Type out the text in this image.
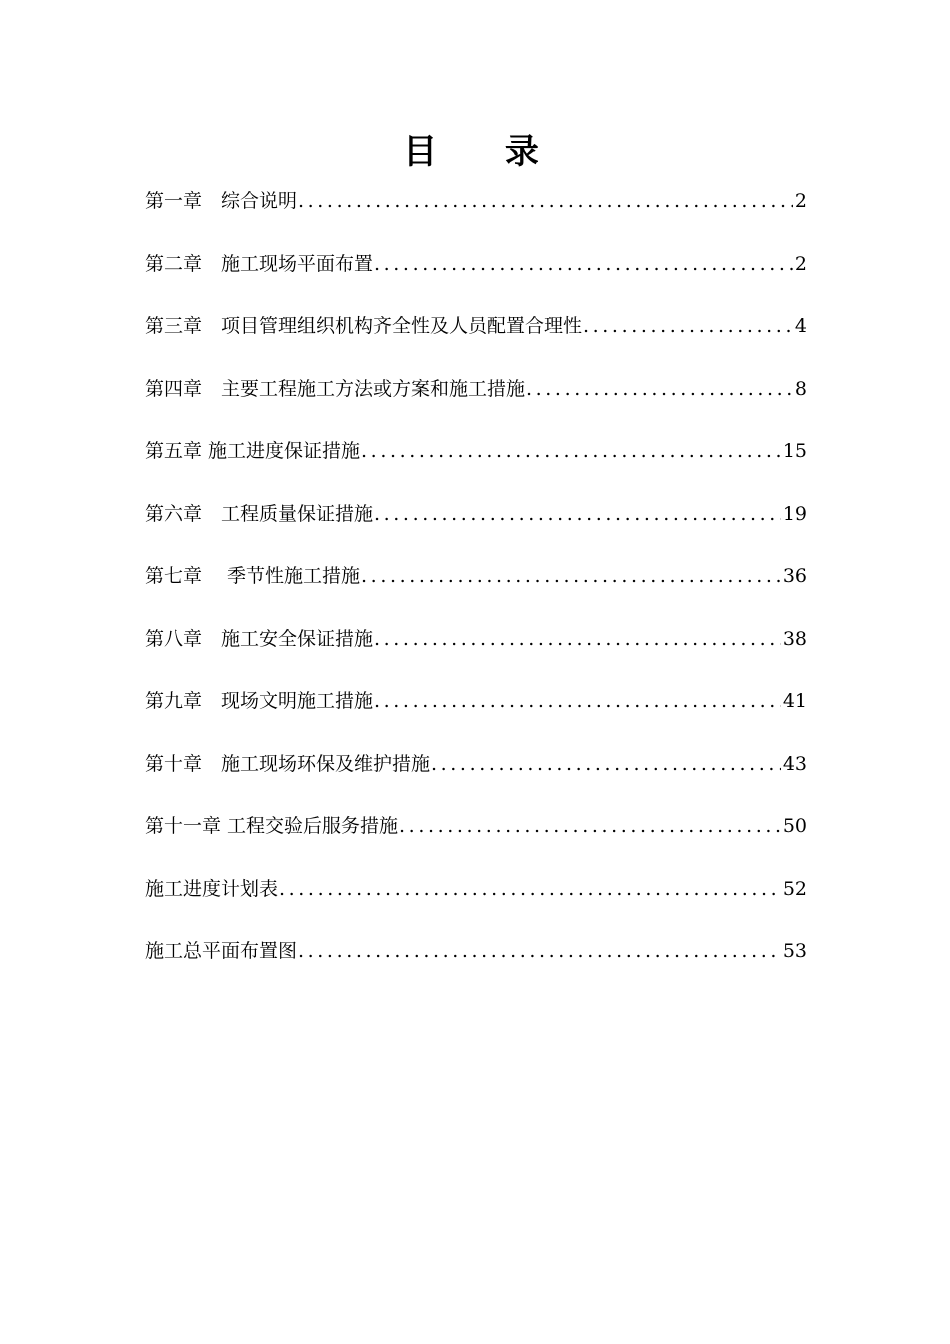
目 录
第一章　综合说明 .....	2
第二章　施工现场平面布置 .....	2
第三章　项目管理组织机构齐全性及人员配置合理性 .....	4
第四章　主要工程施工方法或方案和施工措施 .....	8
第五章 施工进度保证措施 .....	15
第六章　工程质量保证措施 .....	19
第七章　 季节性施工措施 .....	36
第八章　施工安全保证措施 .....	38
第九章　现场文明施工措施 .....	41
第十章　施工现场环保及维护措施 .....	43
第十一章 工程交验后服务措施 .....	50
施工进度计划表 .....	52
施工总平面布置图 .....	53
